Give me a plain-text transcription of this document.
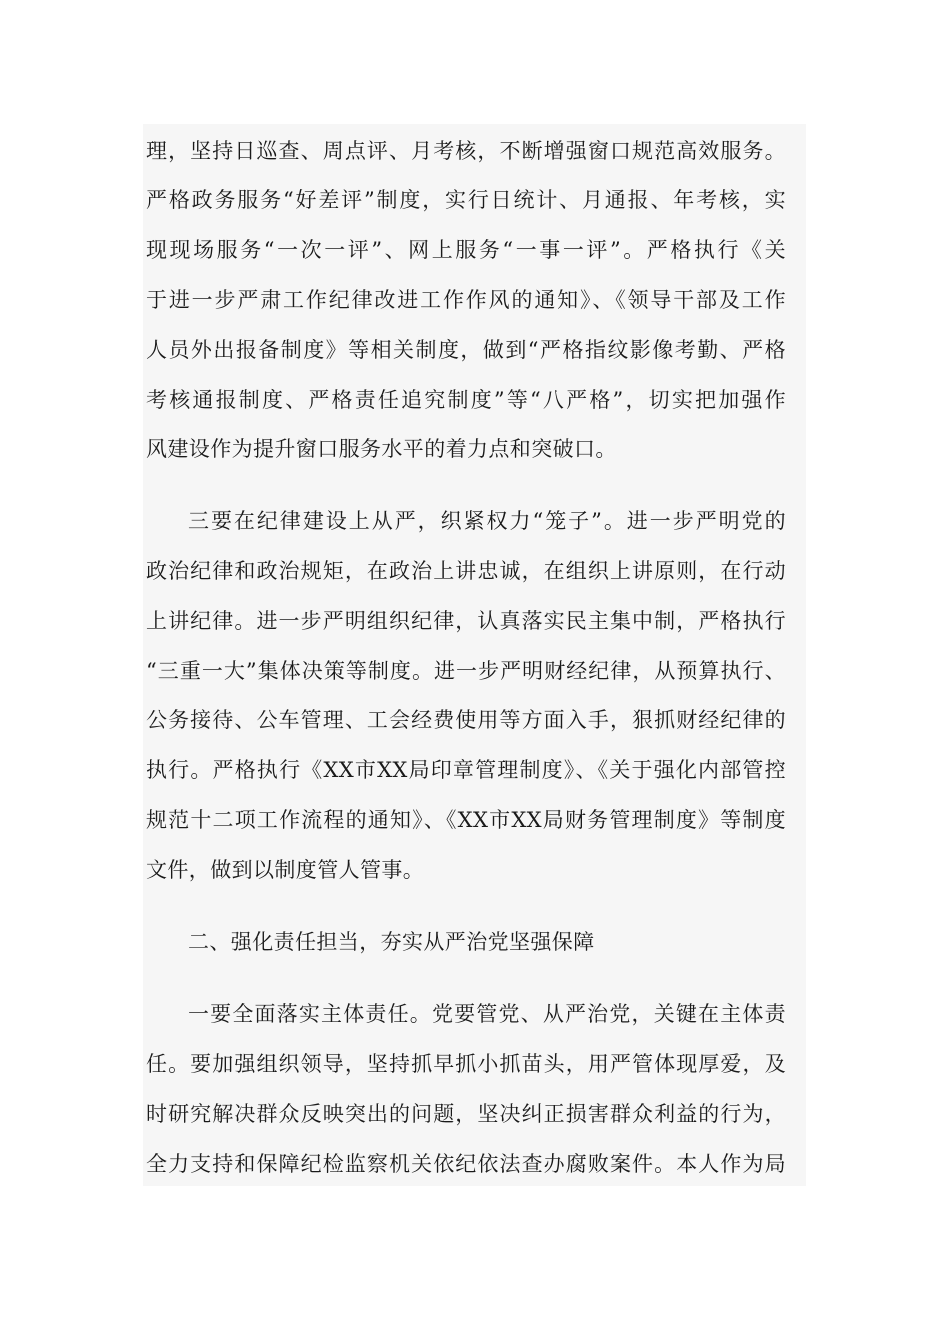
理，坚持日巡查、周点评、月考核，不断增强窗口规范高效服务。
严格政务服务“好差评”制度，实行日统计、月通报、年考核，实
现现场服务“一次一评”、网上服务“一事一评”。严格执行《关
于进一步严肃工作纪律改进工作作风的通知》、《领导干部及工作
人员外出报备制度》等相关制度，做到“严格指纹影像考勤、严格
考核通报制度、严格责任追究制度”等“八严格”，切实把加强作
风建设作为提升窗口服务水平的着力点和突破口。
三要在纪律建设上从严，织紧权力“笼子”。进一步严明党的
政治纪律和政治规矩，在政治上讲忠诚，在组织上讲原则，在行动
上讲纪律。进一步严明组织纪律，认真落实民主集中制，严格执行
“三重一大”集体决策等制度。进一步严明财经纪律，从预算执行、
公务接待、公车管理、工会经费使用等方面入手，狠抓财经纪律的
执行。严格执行《XX市XX局印章管理制度》、《关于强化内部管控
规范十二项工作流程的通知》、《XX市XX局财务管理制度》等制度
文件，做到以制度管人管事。
二、强化责任担当，夯实从严治党坚强保障
一要全面落实主体责任。党要管党、从严治党，关键在主体责
任。要加强组织领导，坚持抓早抓小抓苗头，用严管体现厚爱，及
时研究解决群众反映突出的问题，坚决纠正损害群众利益的行为，
全力支持和保障纪检监察机关依纪依法查办腐败案件。本人作为局
